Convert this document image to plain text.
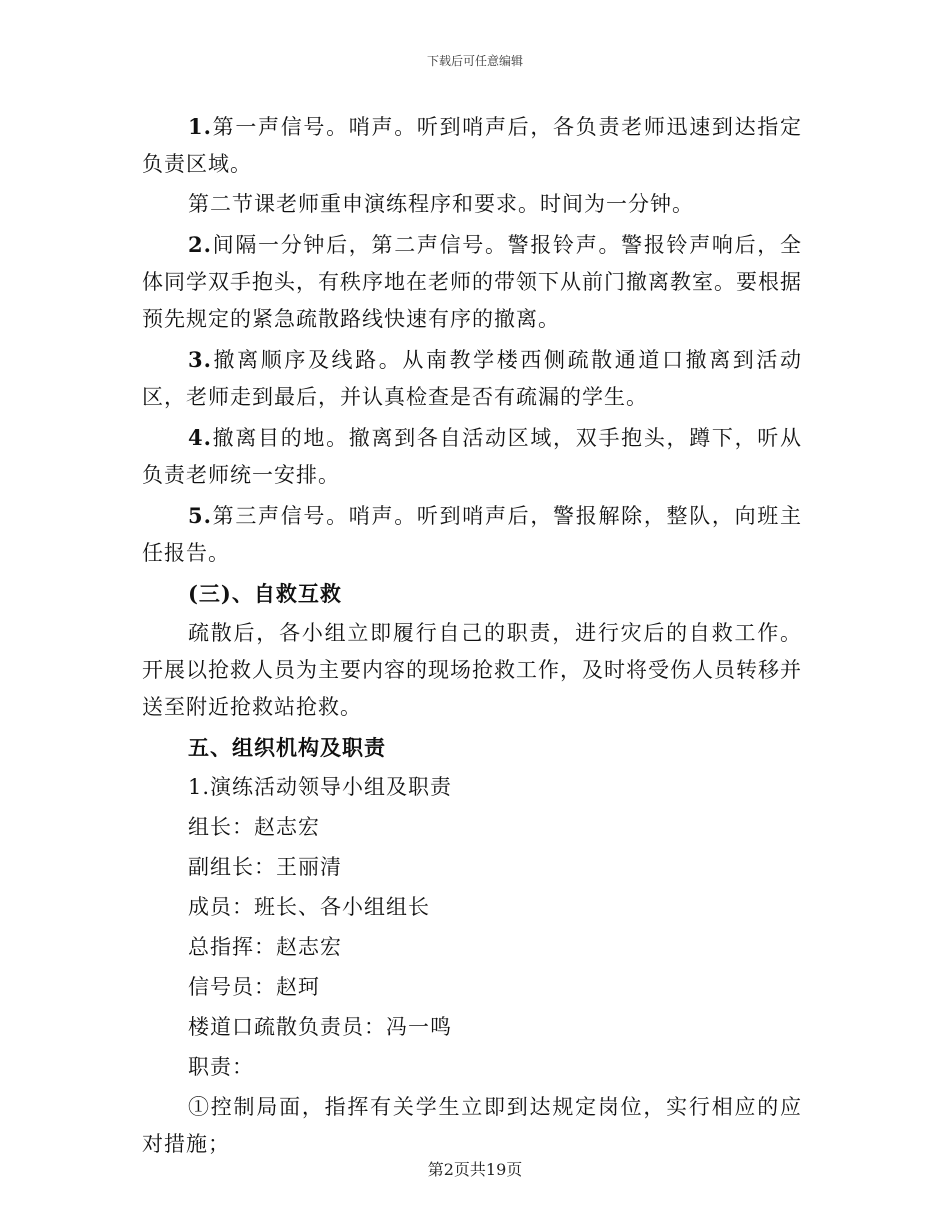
下载后可任意编辑

1.第一声信号。哨声。听到哨声后，各负责老师迅速到达指定负责区域。

第二节课老师重申演练程序和要求。时间为一分钟。

2.间隔一分钟后，第二声信号。警报铃声。警报铃声响后，全体同学双手抱头，有秩序地在老师的带领下从前门撤离教室。要根据预先规定的紧急疏散路线快速有序的撤离。

3.撤离顺序及线路。从南教学楼西侧疏散通道口撤离到活动区，老师走到最后，并认真检查是否有疏漏的学生。

4.撤离目的地。撤离到各自活动区域，双手抱头，蹲下，听从负责老师统一安排。

5.第三声信号。哨声。听到哨声后，警报解除，整队，向班主任报告。

(三)、自救互救

疏散后，各小组立即履行自己的职责，进行灾后的自救工作。开展以抢救人员为主要内容的现场抢救工作，及时将受伤人员转移并送至附近抢救站抢救。

五、组织机构及职责

1.演练活动领导小组及职责

组长：赵志宏

副组长：王丽清

成员：班长、各小组组长

总指挥：赵志宏

信号员：赵珂

楼道口疏散负责员：冯一鸣

职责：

①控制局面，指挥有关学生立即到达规定岗位，实行相应的应对措施；

第2页共19页
